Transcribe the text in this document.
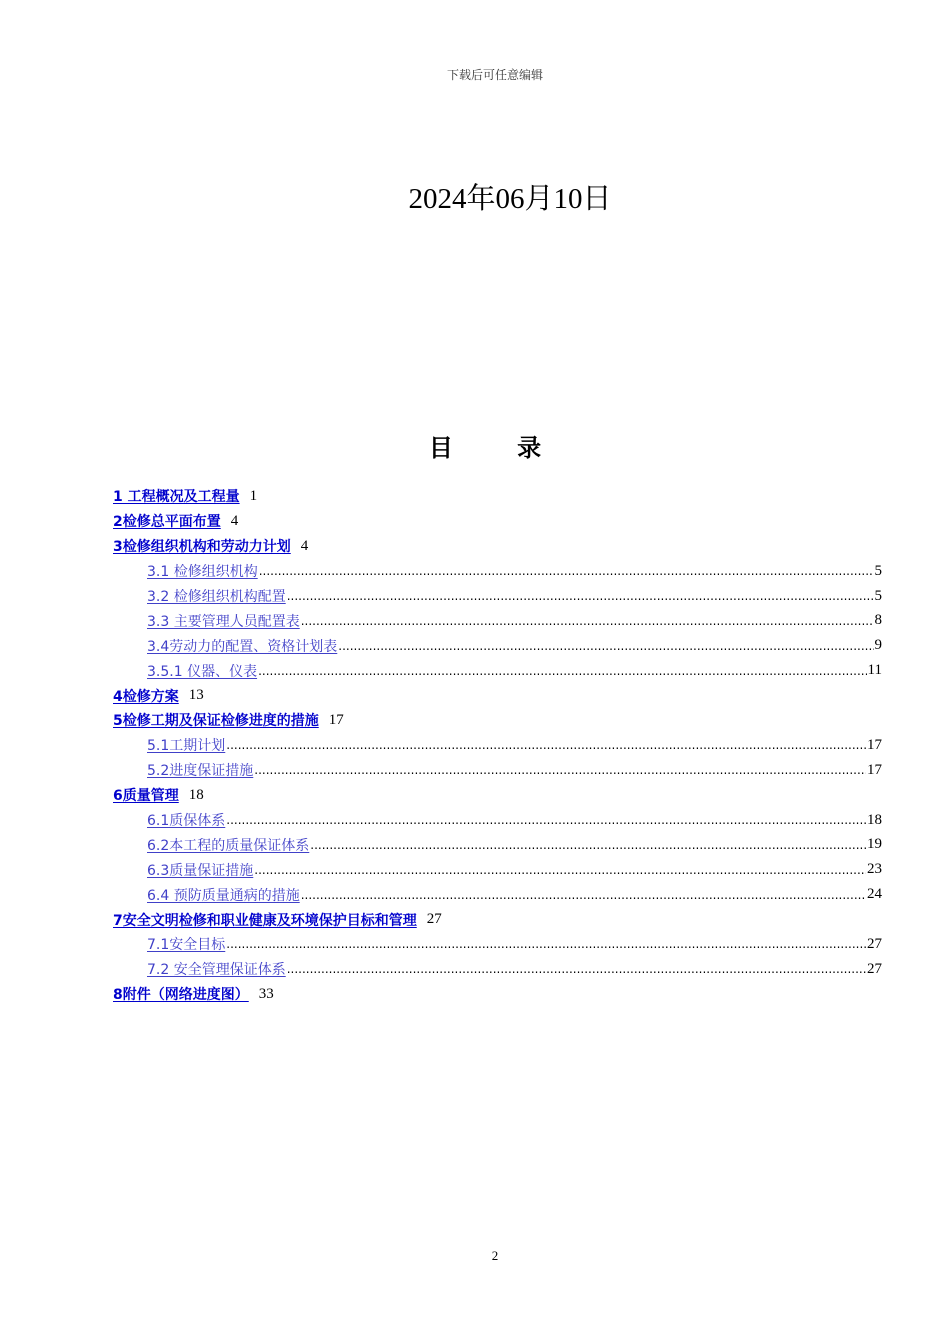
下载后可任意编辑
2024年06月10日
目 录
1 工程概况及工程量 1
2检修总平面布置 4
3检修组织机构和劳动力计划 4
3.1 检修组织机构 .....	5
3.2 检修组织机构配置 .....	5
3.3 主要管理人员配置表 .....	8
3.4劳动力的配置、资格计划表 .....	9
3.5.1 仪器、仪表 .....	11
4检修方案 13
5检修工期及保证检修进度的措施 17
5.1工期计划 .....	17
5.2进度保证措施 .....	17
6质量管理 18
6.1质保体系 .....	18
6.2本工程的质量保证体系 .....	19
6.3质量保证措施 .....	23
6.4 预防质量通病的措施 .....	24
7安全文明检修和职业健康及环境保护目标和管理 27
7.1安全目标 .....	27
7.2 安全管理保证体系 .....	27
8附件（网络进度图） 33
2
